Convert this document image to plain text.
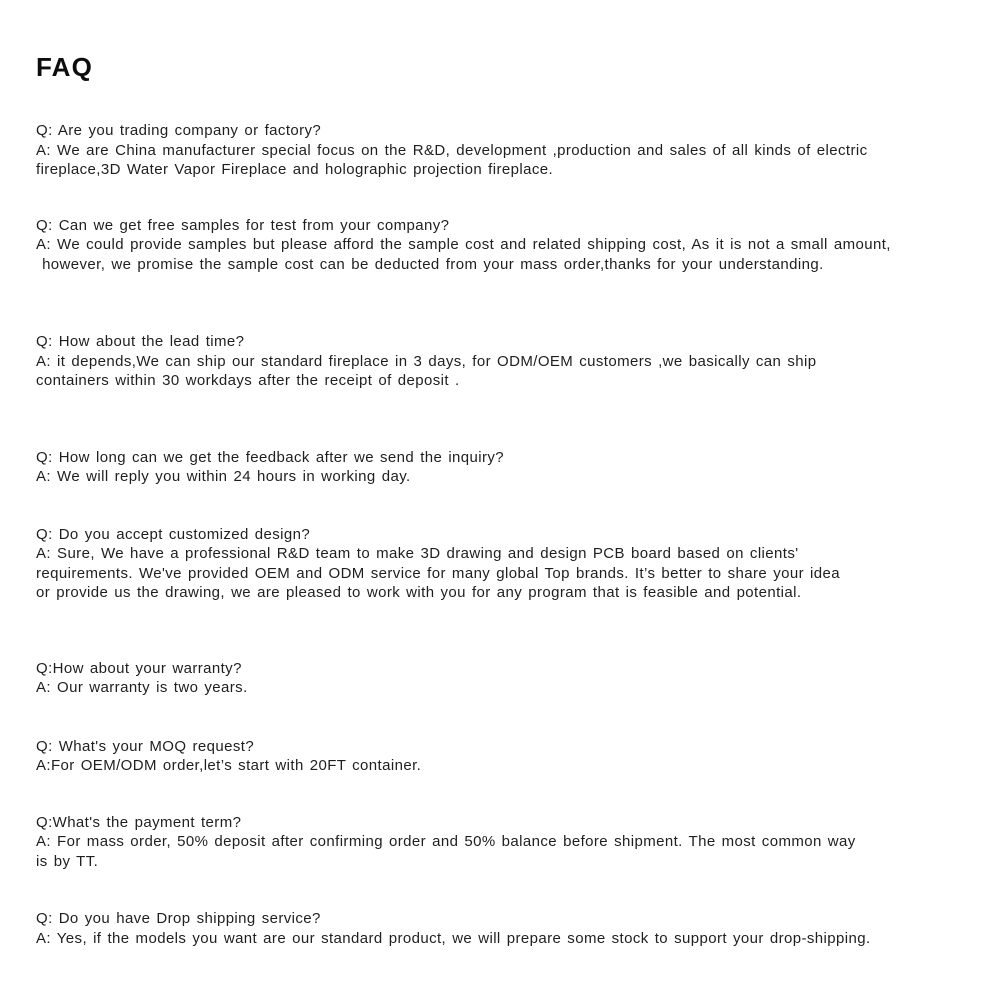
FAQ
Q: Are you trading company or factory?
A: We are China manufacturer special focus on the R&D, development ,production and sales of all kinds of electric
fireplace,3D Water Vapor Fireplace and holographic projection fireplace.
Q: Can we get free samples for test from your company?
A: We could provide samples but please afford the sample cost and related shipping cost, As it is not a small amount,
however, we promise the sample cost can be deducted from your mass order,thanks for your understanding.
Q: How about the lead time?
A: it depends,We can ship our standard fireplace in 3 days, for ODM/OEM customers ,we basically can ship
containers within 30 workdays after the receipt of deposit .
Q: How long can we get the feedback after we send the inquiry?
A: We will reply you within 24 hours in working day.
Q: Do you accept customized design?
A: Sure, We have a professional R&D team to make 3D drawing and design PCB board based on clients'
requirements. We've provided OEM and ODM service for many global Top brands. It’s better to share your idea
or provide us the drawing, we are pleased to work with you for any program that is feasible and potential.
Q:How about your warranty?
A: Our warranty is two years.
Q: What's your MOQ request?
A:For OEM/ODM order,let’s start with 20FT container.
Q:What's the payment term?
A: For mass order, 50% deposit after confirming order and 50% balance before shipment. The most common way
is by TT.
Q: Do you have Drop shipping service?
A: Yes, if the models you want are our standard product, we will prepare some stock to support your drop-shipping.
